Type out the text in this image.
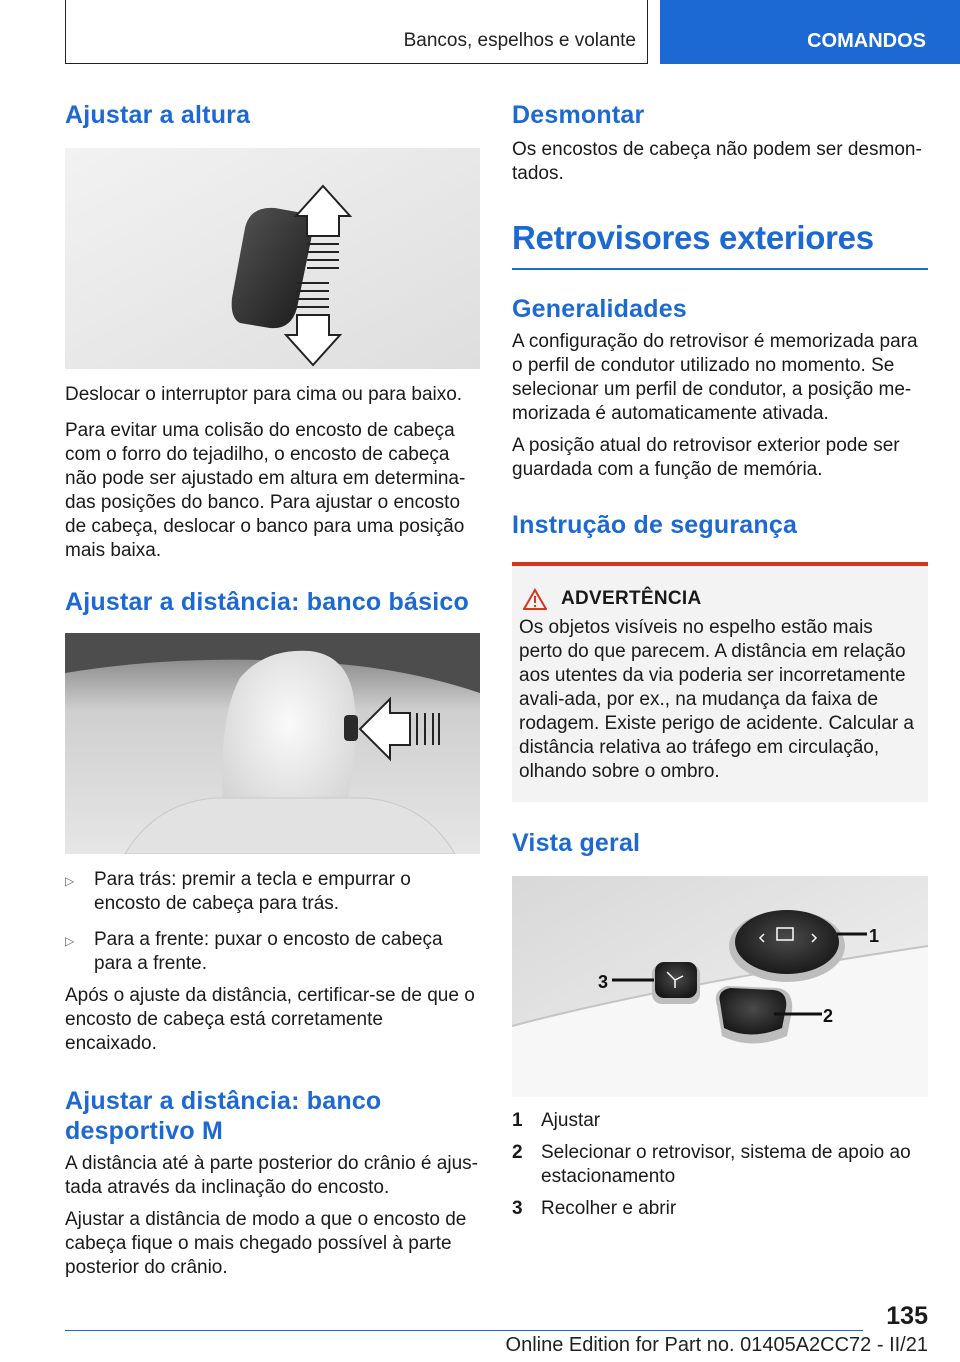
Bancos, espelhos e volante	COMANDOS
Ajustar a altura

Deslocar o interruptor para cima ou para baixo.

Para evitar uma colisão do encosto de cabeça com o forro do tejadilho, o encosto de cabeça não pode ser ajustado em altura em determina-das posições do banco. Para ajustar o encosto de cabeça, deslocar o banco para uma posição mais baixa.

Ajustar a distância: banco básico
▷	Para trás: premir a tecla e empurrar o encosto de cabeça para trás.
▷	Para a frente: puxar o encosto de cabeça para a frente.

Após o ajuste da distância, certificar-se de que o encosto de cabeça está corretamente encaixado.

Ajustar a distância: banco desportivo M

A distância até à parte posterior do crânio é ajus-tada através da inclinação do encosto.

Ajustar a distância de modo a que o encosto de cabeça fique o mais chegado possível à parte posterior do crânio.

Desmontar

Os encostos de cabeça não podem ser desmon-tados.

Retrovisores exteriores
Generalidades

A configuração do retrovisor é memorizada para o perfil de condutor utilizado no momento. Se selecionar um perfil de condutor, a posição me-morizada é automaticamente ativada.

A posição atual do retrovisor exterior pode ser guardada com a função de memória.

Instrução de segurança
ADVERTÊNCIA

Os objetos visíveis no espelho estão mais perto do que parecem. A distância em relação aos utentes da via poderia ser incorretamente avali-ada, por ex., na mudança da faixa de rodagem. Existe perigo de acidente. Calcular a distância relativa ao tráfego em circulação, olhando sobre o ombro.

Vista geral
1
2
3
1 Ajustar
2 Selecionar o retrovisor, sistema de apoio ao estacionamento
3 Recolher e abrir
135
Online Edition for Part no. 01405A2CC72 - II/21
